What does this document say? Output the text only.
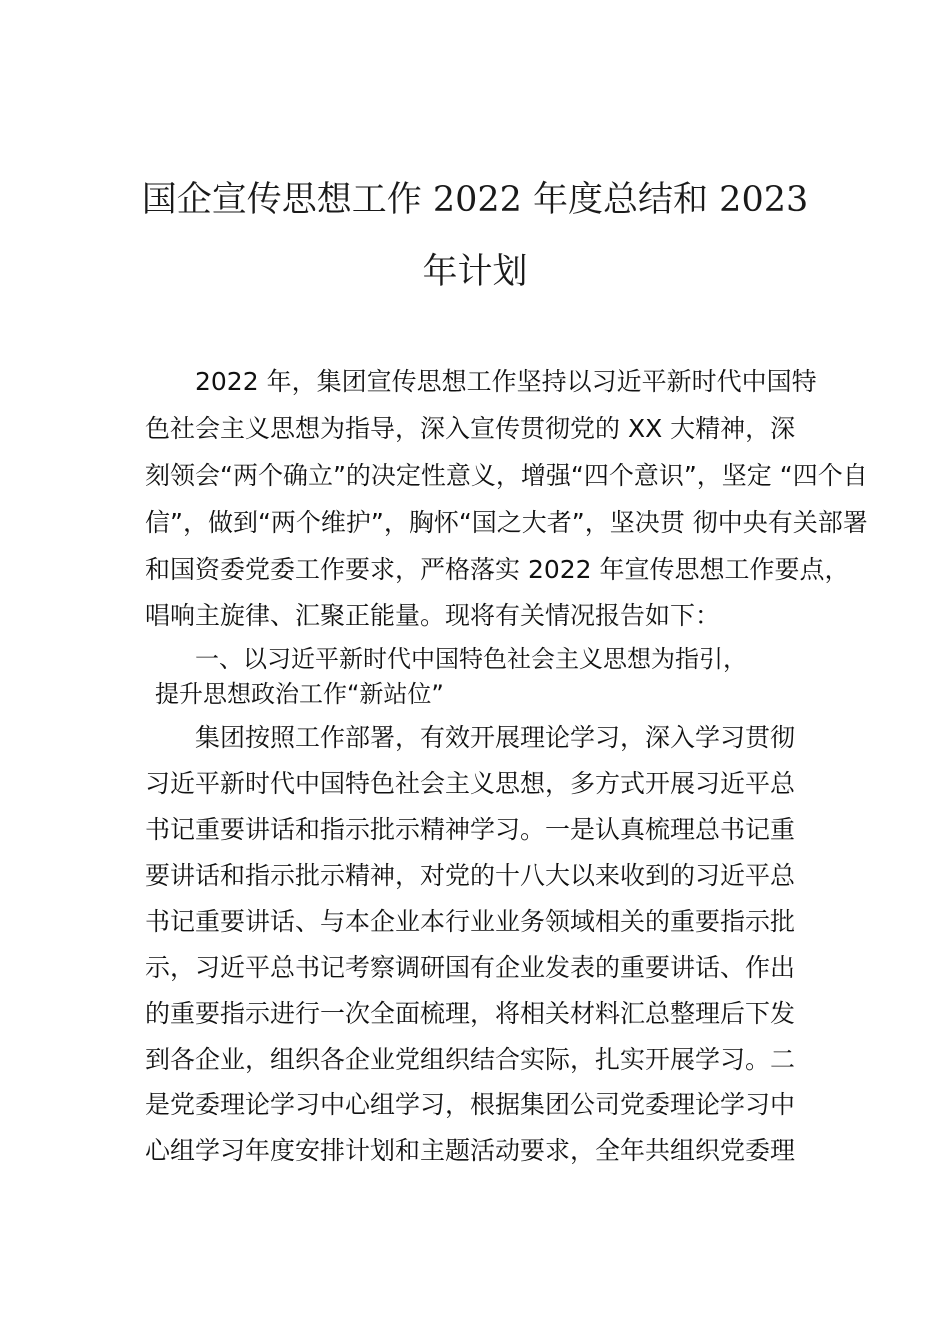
国企宣传思想工作 2022 年度总结和 2023
年计划
2022 年，集团宣传思想工作坚持以习近平新时代中国特
色社会主义思想为指导，深入宣传贯彻党的 XX 大精神，深
刻领会“两个确立”的决定性意义，增强“四个意识”，坚定 “四个自
信”，做到“两个维护”，胸怀“国之大者”，坚决贯 彻中央有关部署
和国资委党委工作要求，严格落实 2022 年宣传思想工作要点，
唱响主旋律、汇聚正能量。现将有关情况报告如下：
一、以习近平新时代中国特色社会主义思想为指引，
提升思想政治工作“新站位”
集团按照工作部署，有效开展理论学习，深入学习贯彻
习近平新时代中国特色社会主义思想，多方式开展习近平总
书记重要讲话和指示批示精神学习。一是认真梳理总书记重
要讲话和指示批示精神，对党的十八大以来收到的习近平总
书记重要讲话、与本企业本行业业务领域相关的重要指示批
示，习近平总书记考察调研国有企业发表的重要讲话、作出
的重要指示进行一次全面梳理，将相关材料汇总整理后下发
到各企业，组织各企业党组织结合实际，扎实开展学习。二
是党委理论学习中心组学习，根据集团公司党委理论学习中
心组学习年度安排计划和主题活动要求，全年共组织党委理
